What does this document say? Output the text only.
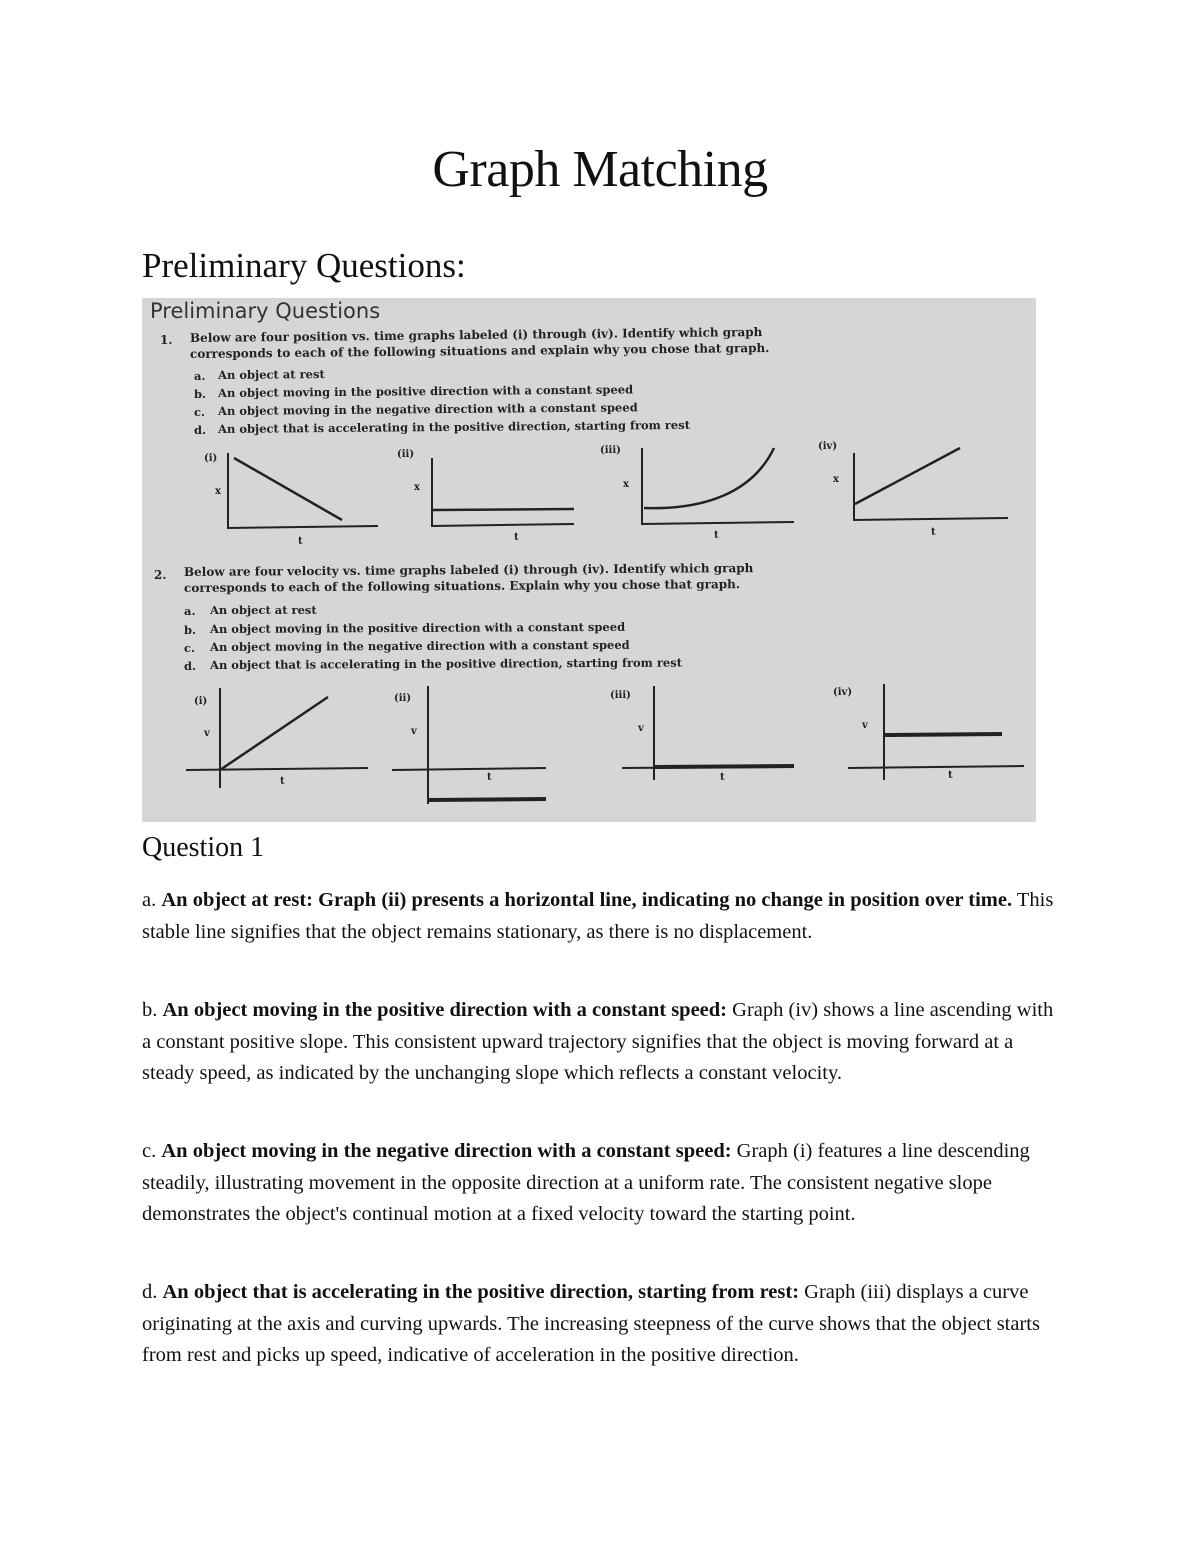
Graph Matching
Preliminary Questions:
Preliminary Questions
1. Below are four position vs. time graphs labeled (i) through (iv). Identify which graph
corresponds to each of the following situations and explain why you chose that graph.
a. An object at rest
b. An object moving in the positive direction with a constant speed
c. An object moving in the negative direction with a constant speed
d. An object that is accelerating in the positive direction, starting from rest
(i)	(ii)	(iii)	(iv)
x	x	x	x
t	t	t	t
2. Below are four velocity vs. time graphs labeled (i) through (iv). Identify which graph
corresponds to each of the following situations. Explain why you chose that graph.
a. An object at rest
b. An object moving in the positive direction with a constant speed
c. An object moving in the negative direction with a constant speed
d. An object that is accelerating in the positive direction, starting from rest
(i)	(ii)	(iii)	(iv)
v	v	v	v
t	t	t	t
Question 1
a. An object at rest: Graph (ii) presents a horizontal line, indicating no change in position over time. This stable line signifies that the object remains stationary, as there is no displacement.
b. An object moving in the positive direction with a constant speed: Graph (iv) shows a line ascending with a constant positive slope. This consistent upward trajectory signifies that the object is moving forward at a steady speed, as indicated by the unchanging slope which reflects a constant velocity.
c. An object moving in the negative direction with a constant speed: Graph (i) features a line descending steadily, illustrating movement in the opposite direction at a uniform rate. The consistent negative slope demonstrates the object's continual motion at a fixed velocity toward the starting point.
d. An object that is accelerating in the positive direction, starting from rest: Graph (iii) displays a curve originating at the axis and curving upwards. The increasing steepness of the curve shows that the object starts from rest and picks up speed, indicative of acceleration in the positive direction.
